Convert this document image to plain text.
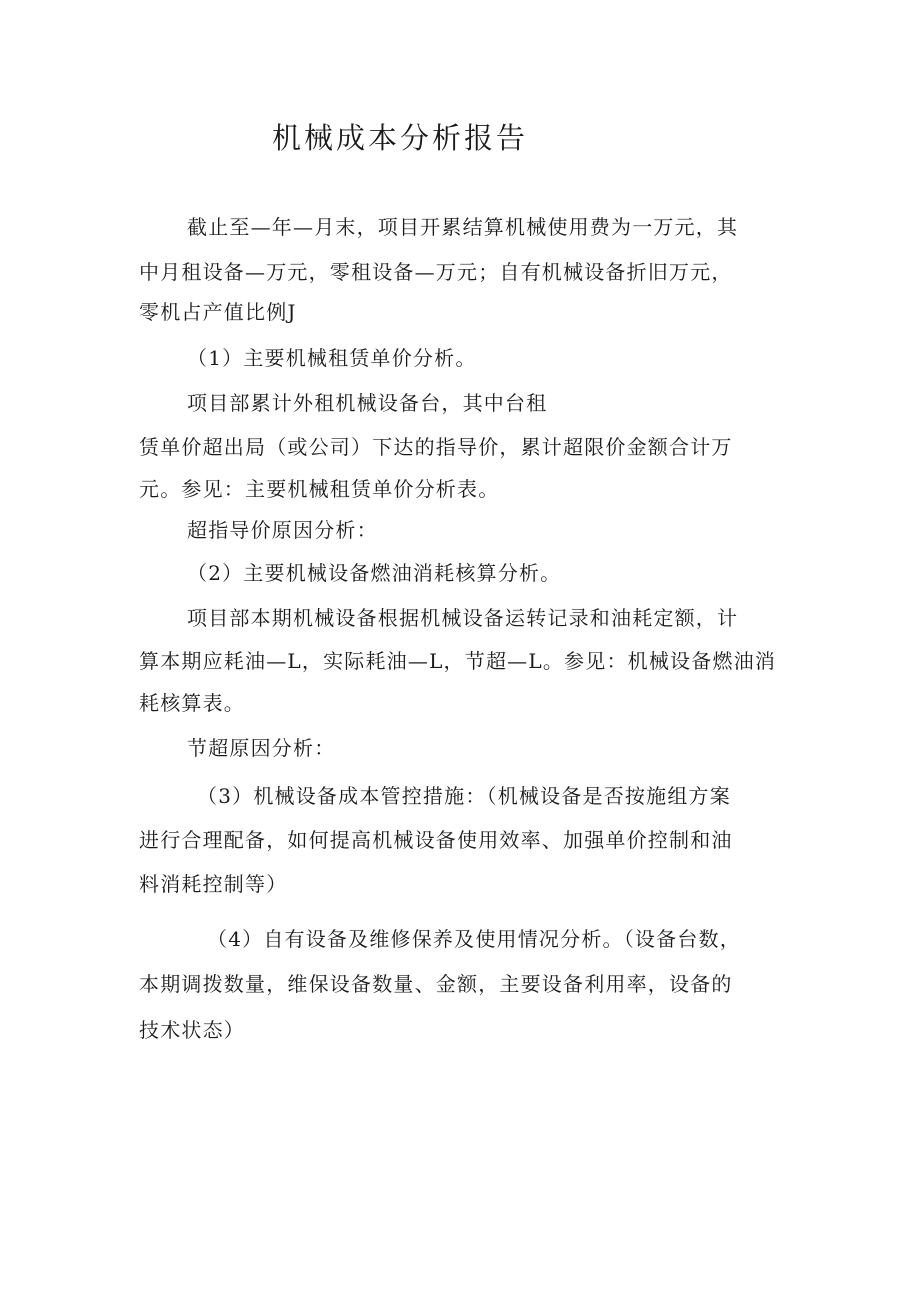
机械成本分析报告
截止至—年—月末，项目开累结算机械使用费为一万元，其
中月租设备—万元，零租设备—万元；自有机械设备折旧万元，
零机占产值比例J
（1）主要机械租赁单价分析。
项目部累计外租机械设备台，其中台租
赁单价超出局（或公司）下达的指导价，累计超限价金额合计万
元。参见：主要机械租赁单价分析表。
超指导价原因分析：
（2）主要机械设备燃油消耗核算分析。
项目部本期机械设备根据机械设备运转记录和油耗定额，计
算本期应耗油—L，实际耗油—L，节超—L。参见：机械设备燃油消
耗核算表。
节超原因分析：
（3）机械设备成本管控措施：（机械设备是否按施组方案
进行合理配备，如何提高机械设备使用效率、加强单价控制和油
料消耗控制等）
（4）自有设备及维修保养及使用情况分析。（设备台数，
本期调拨数量，维保设备数量、金额，主要设备利用率，设备的
技术状态）
